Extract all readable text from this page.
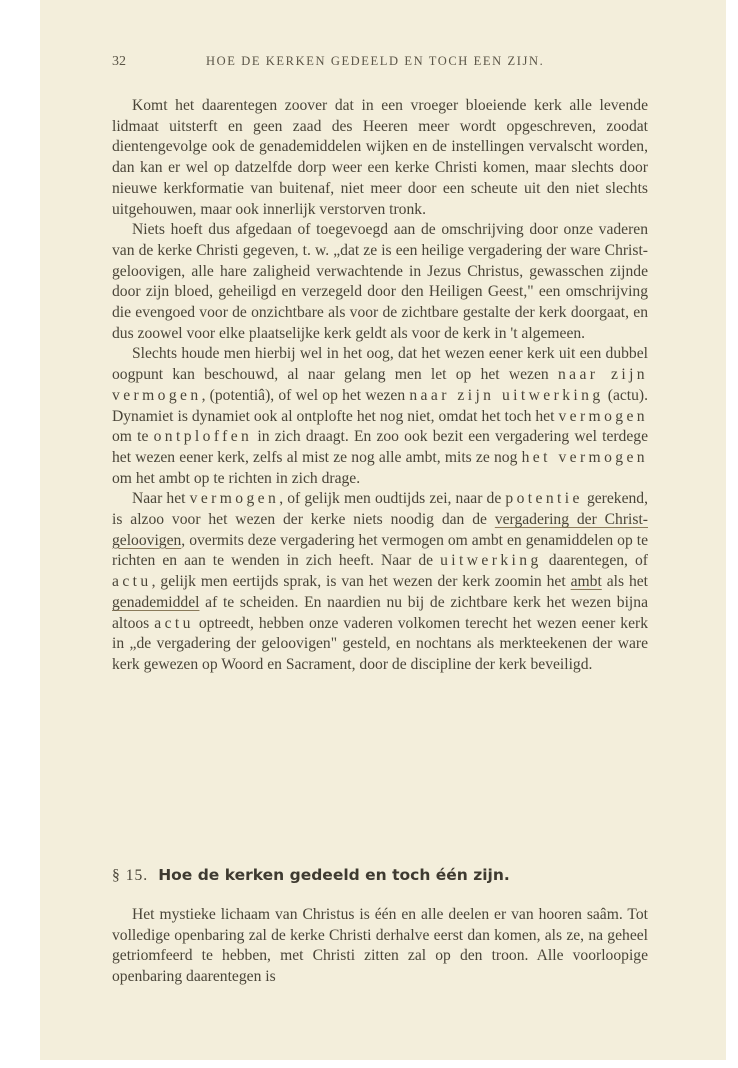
32	HOE DE KERKEN GEDEELD EN TOCH EEN ZIJN.

Komt het daarentegen zoover dat in een vroeger bloeiende kerk alle levende lidmaat uitsterft en geen zaad des Heeren meer wordt opgeschreven, zoodat dientengevolge ook de genademiddelen wijken en de instellingen vervalscht worden, dan kan er wel op datzelfde dorp weer een kerke Christi komen, maar slechts door nieuwe kerkformatie van buitenaf, niet meer door een scheute uit den niet slechts uitgehouwen, maar ook innerlijk verstorven tronk.

Niets hoeft dus afgedaan of toegevoegd aan de omschrijving door onze vaderen van de kerke Christi gegeven, t. w. „dat ze is een heilige vergadering der ware Christ-geloovigen, alle hare zaligheid verwachtende in Jezus Christus, gewasschen zijnde door zijn bloed, geheiligd en verzegeld door den Heiligen Geest," een omschrijving die evengoed voor de onzichtbare als voor de zichtbare gestalte der kerk doorgaat, en dus zoowel voor elke plaatselijke kerk geldt als voor de kerk in 't algemeen.

Slechts houde men hierbij wel in het oog, dat het wezen eener kerk uit een dubbel oogpunt kan beschouwd, al naar gelang men let op het wezen naar zijn vermogen, (potentiâ), of wel op het wezen naar zijn uitwerking (actu). Dynamiet is dynamiet ook al ontplofte het nog niet, omdat het toch het vermogen om te ontploffen in zich draagt. En zoo ook bezit een vergadering wel terdege het wezen eener kerk, zelfs al mist ze nog alle ambt, mits ze nog het vermogen om het ambt op te richten in zich drage.

Naar het vermogen, of gelijk men oudtijds zei, naar de potentie gerekend, is alzoo voor het wezen der kerke niets noodig dan de vergadering der Christ-geloovigen, overmits deze vergadering het vermogen om ambt en genamiddelen op te richten en aan te wenden in zich heeft. Naar de uitwerking daarentegen, of actu, gelijk men eertijds sprak, is van het wezen der kerk zoomin het ambt als het genademiddel af te scheiden. En naardien nu bij de zichtbare kerk het wezen bijna altoos actu optreedt, hebben onze vaderen volkomen terecht het wezen eener kerk in „de vergadering der geloovigen" gesteld, en nochtans als merkteekenen der ware kerk gewezen op Woord en Sacrament, door de discipline der kerk beveiligd.

§ 15. Hoe de kerken gedeeld en toch één zijn.

Het mystieke lichaam van Christus is één en alle deelen er van hooren saâm. Tot volledige openbaring zal de kerke Christi derhalve eerst dan komen, als ze, na geheel getriomfeerd te hebben, met Christi zitten zal op den troon. Alle voorloopige openbaring daarentegen is
